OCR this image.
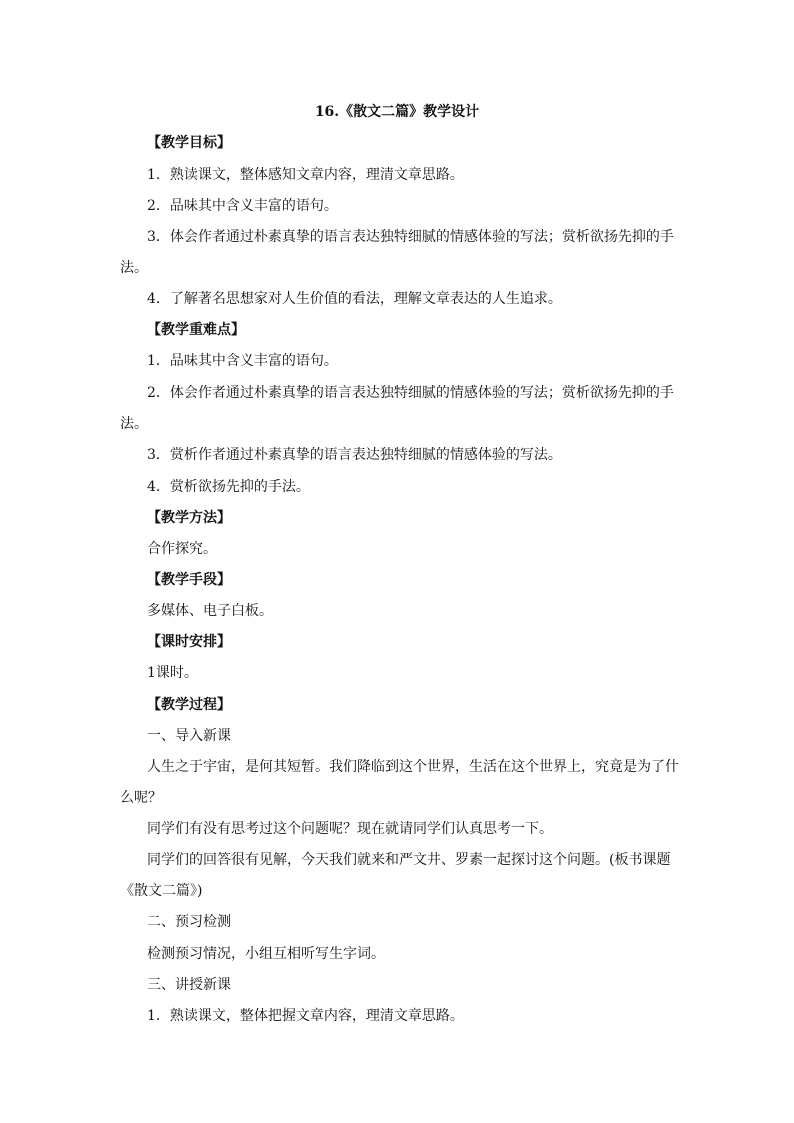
16.《散文二篇》教学设计

【教学目标】

1．熟读课文，整体感知文章内容，理清文章思路。

2．品味其中含义丰富的语句。

3．体会作者通过朴素真挚的语言表达独特细腻的情感体验的写法；赏析欲扬先抑的手

法。

4．了解著名思想家对人生价值的看法，理解文章表达的人生追求。

【教学重难点】

1．品味其中含义丰富的语句。

2．体会作者通过朴素真挚的语言表达独特细腻的情感体验的写法；赏析欲扬先抑的手

法。

3．赏析作者通过朴素真挚的语言表达独特细腻的情感体验的写法。

4．赏析欲扬先抑的手法。

【教学方法】

合作探究。

【教学手段】

多媒体、电子白板。

【课时安排】

1课时。

【教学过程】

一、导入新课

人生之于宇宙，是何其短暂。我们降临到这个世界，生活在这个世界上，究竟是为了什

么呢？

同学们有没有思考过这个问题呢？现在就请同学们认真思考一下。

同学们的回答很有见解，今天我们就来和严文井、罗素一起探讨这个问题。(板书课题

《散文二篇》)

二、预习检测

检测预习情况，小组互相听写生字词。

三、讲授新课

1．熟读课文，整体把握文章内容，理清文章思路。
